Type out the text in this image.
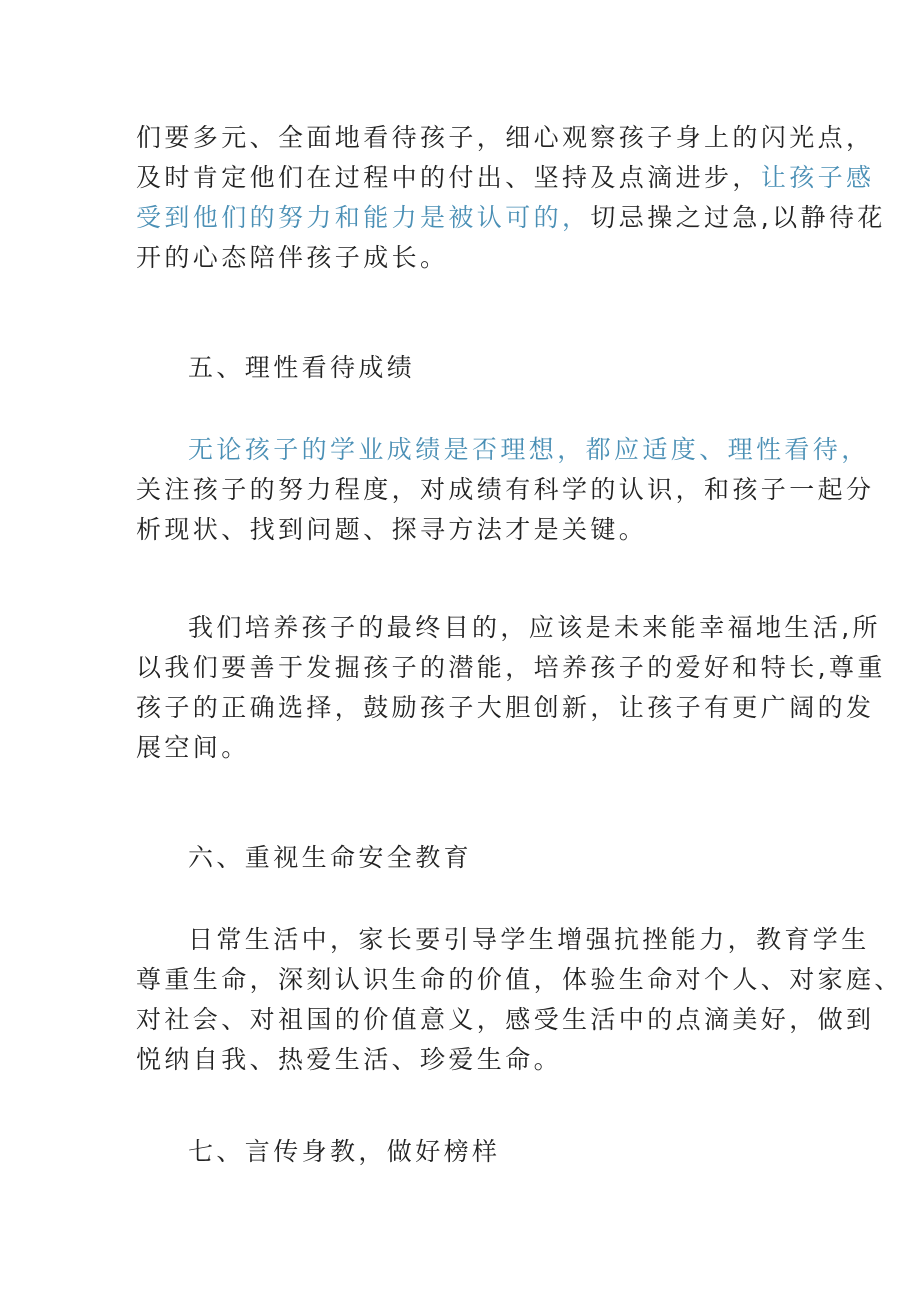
们要多元、全面地看待孩子，细心观察孩子身上的闪光点，
及时肯定他们在过程中的付出、坚持及点滴进步，让孩子感
受到他们的努力和能力是被认可的，切忌操之过急,以静待花
开的心态陪伴孩子成长。
五、理性看待成绩
无论孩子的学业成绩是否理想，都应适度、理性看待，
关注孩子的努力程度，对成绩有科学的认识，和孩子一起分
析现状、找到问题、探寻方法才是关键。
我们培养孩子的最终目的，应该是未来能幸福地生活,所
以我们要善于发掘孩子的潜能，培养孩子的爱好和特长,尊重
孩子的正确选择，鼓励孩子大胆创新，让孩子有更广阔的发
展空间。
六、重视生命安全教育
日常生活中，家长要引导学生增强抗挫能力，教育学生
尊重生命，深刻认识生命的价值，体验生命对个人、对家庭、
对社会、对祖国的价值意义，感受生活中的点滴美好，做到
悦纳自我、热爱生活、珍爱生命。
七、言传身教，做好榜样
